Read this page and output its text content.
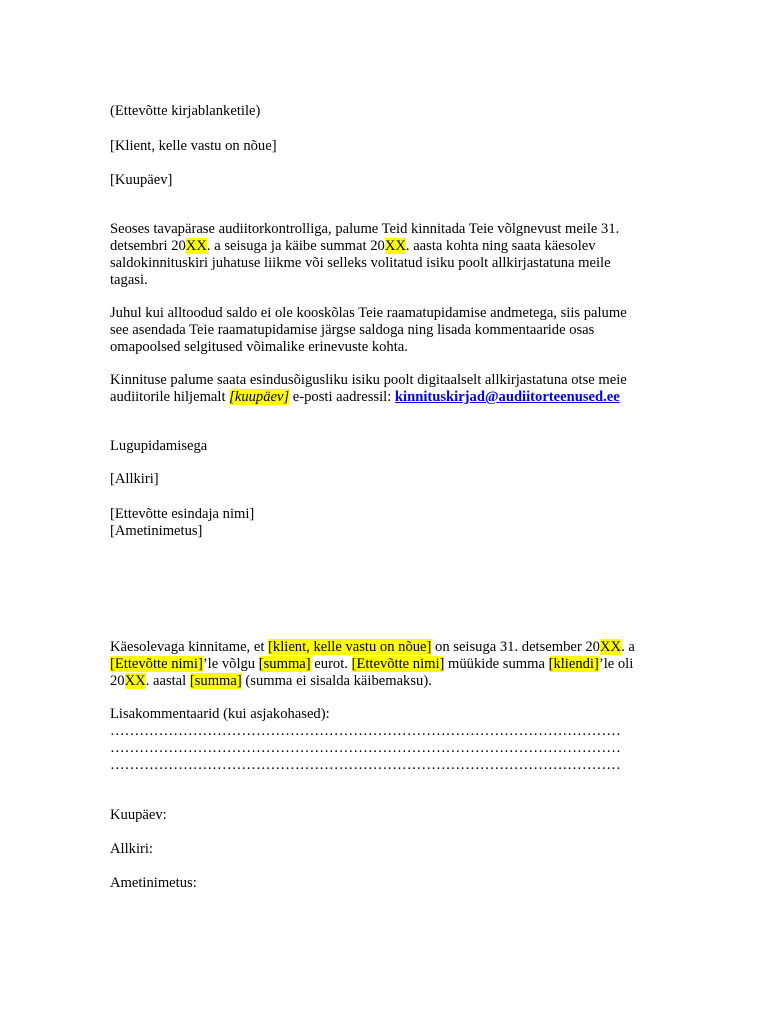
(Ettevõtte kirjablanketile)

[Klient, kelle vastu on nõue]

[Kuupäev]

Seoses tavapärase audiitorkontrolliga, palume Teid kinnitada Teie võlgnevust meile 31.
detsembri 20XX. a seisuga ja käibe summat 20XX. aasta kohta ning saata käesolev
saldokinnituskiri juhatuse liikme või selleks volitatud isiku poolt allkirjastatuna meile
tagasi.
Juhul kui alltoodud saldo ei ole kooskõlas Teie raamatupidamise andmetega, siis palume
see asendada Teie raamatupidamise järgse saldoga ning lisada kommentaaride osas
omapoolsed selgitused võimalike erinevuste kohta.
Kinnituse palume saata esindusõigusliku isiku poolt digitaalselt allkirjastatuna otse meie
audiitorile hiljemalt [kuupäev] e-posti aadressil: kinnituskirjad@audiitorteenused.ee

Lugupidamisega

[Allkiri]

[Ettevõtte esindaja nimi]
[Ametinimetus]
Käesolevaga kinnitame, et [klient, kelle vastu on nõue] on seisuga 31. detsember 20XX. a
[Ettevõtte nimi]’le võlgu [summa] eurot. [Ettevõtte nimi] müükide summa [kliendi]’le oli
20XX. aastal [summa] (summa ei sisalda käibemaksu).
Lisakommentaarid (kui asjakohased):
……………………………………………………………………………………………
……………………………………………………………………………………………
……………………………………………………………………………………………

Kuupäev:

Allkiri:

Ametinimetus:
